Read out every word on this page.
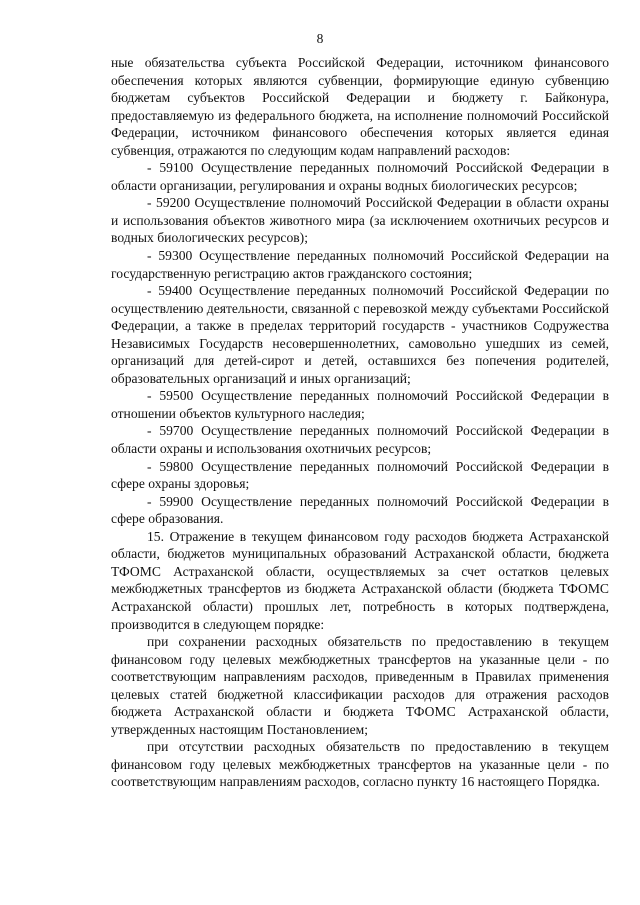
8

ные обязательства субъекта Российской Федерации, источником финансового обеспечения которых являются субвенции, формирующие единую субвенцию бюджетам субъектов Российской Федерации и бюджету г. Байконура, предоставляемую из федерального бюджета, на исполнение полномочий Российской Федерации, источником финансового обеспечения которых является единая субвенция, отражаются по следующим кодам направлений расходов:

- 59100 Осуществление переданных полномочий Российской Федерации в области организации, регулирования и охраны водных биологических ресурсов;

- 59200 Осуществление полномочий Российской Федерации в области охраны и использования объектов животного мира (за исключением охотничьих ресурсов и водных биологических ресурсов);

- 59300 Осуществление переданных полномочий Российской Федерации на государственную регистрацию актов гражданского состояния;

- 59400 Осуществление переданных полномочий Российской Федерации по осуществлению деятельности, связанной с перевозкой между субъектами Российской Федерации, а также в пределах территорий государств - участников Содружества Независимых Государств несовершеннолетних, самовольно ушедших из семей, организаций для детей-сирот и детей, оставшихся без попечения родителей, образовательных организаций и иных организаций;

- 59500 Осуществление переданных полномочий Российской Федерации в отношении объектов культурного наследия;

- 59700 Осуществление переданных полномочий Российской Федерации в области охраны и использования охотничьих ресурсов;

- 59800 Осуществление переданных полномочий Российской Федерации в сфере охраны здоровья;

- 59900 Осуществление переданных полномочий Российской Федерации в сфере образования.

15. Отражение в текущем финансовом году расходов бюджета Астраханской области, бюджетов муниципальных образований Астраханской области, бюджета ТФОМС Астраханской области, осуществляемых за счет остатков целевых межбюджетных трансфертов из бюджета Астраханской области (бюджета ТФОМС Астраханской области) прошлых лет, потребность в которых подтверждена, производится в следующем порядке:

при сохранении расходных обязательств по предоставлению в текущем финансовом году целевых межбюджетных трансфертов на указанные цели - по соответствующим направлениям расходов, приведенным в Правилах применения целевых статей бюджетной классификации расходов для отражения расходов бюджета Астраханской области и бюджета ТФОМС Астраханской области, утвержденных настоящим Постановлением;

при отсутствии расходных обязательств по предоставлению в текущем финансовом году целевых межбюджетных трансфертов на указанные цели - по соответствующим направлениям расходов, согласно пункту 16 настоящего Порядка.
